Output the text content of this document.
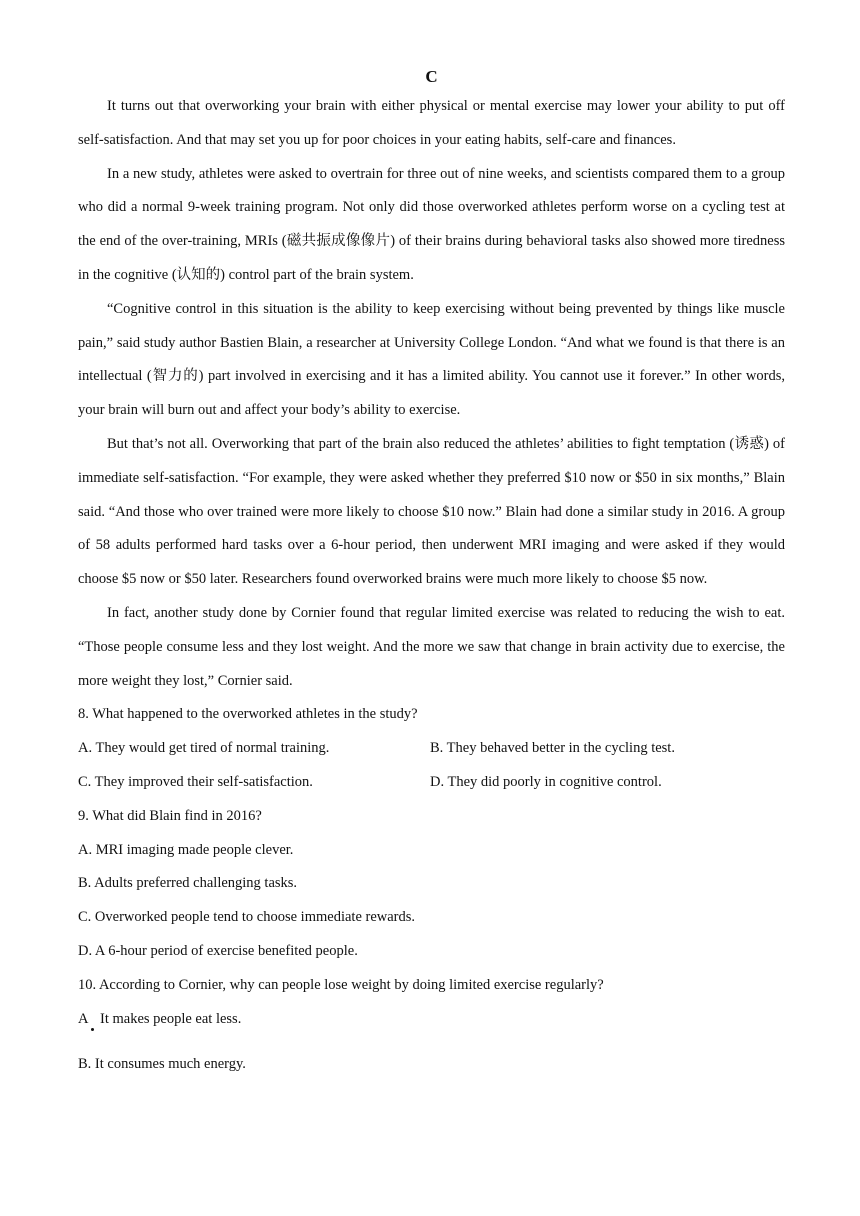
C

It turns out that overworking your brain with either physical or mental exercise may lower your ability to put off self-satisfaction. And that may set you up for poor choices in your eating habits, self-care and finances.

In a new study, athletes were asked to overtrain for three out of nine weeks, and scientists compared them to a group who did a normal 9-week training program. Not only did those overworked athletes perform worse on a cycling test at the end of the over-training, MRIs (磁共振成像像片) of their brains during behavioral tasks also showed more tiredness in the cognitive (认知的) control part of the brain system.

“Cognitive control in this situation is the ability to keep exercising without being prevented by things like muscle pain,” said study author Bastien Blain, a researcher at University College London. “And what we found is that there is an intellectual (智力的) part involved in exercising and it has a limited ability. You cannot use it forever.” In other words, your brain will burn out and affect your body’s ability to exercise.

But that’s not all. Overworking that part of the brain also reduced the athletes’ abilities to fight temptation (诱惑) of immediate self-satisfaction. “For example, they were asked whether they preferred $10 now or $50 in six months,” Blain said. “And those who over trained were more likely to choose $10 now.” Blain had done a similar study in 2016. A group of 58 adults performed hard tasks over a 6-hour period, then underwent MRI imaging and were asked if they would choose $5 now or $50 later. Researchers found overworked brains were much more likely to choose $5 now.

In fact, another study done by Cornier found that regular limited exercise was related to reducing the wish to eat. “Those people consume less and they lost weight. And the more we saw that change in brain activity due to exercise, the more weight they lost,” Cornier said.

8. What happened to the overworked athletes in the study?

A. They would get tired of normal training.	B. They behaved better in the cycling test.
C. They improved their self-satisfaction.	D. They did poorly in cognitive control.

9. What did Blain find in 2016?

A. MRI imaging made people clever.

B. Adults preferred challenging tasks.

C. Overworked people tend to choose immediate rewards.

D. A 6-hour period of exercise benefited people.

10. According to Cornier, why can people lose weight by doing limited exercise regularly?

A It makes people eat less.

B. It consumes much energy.
